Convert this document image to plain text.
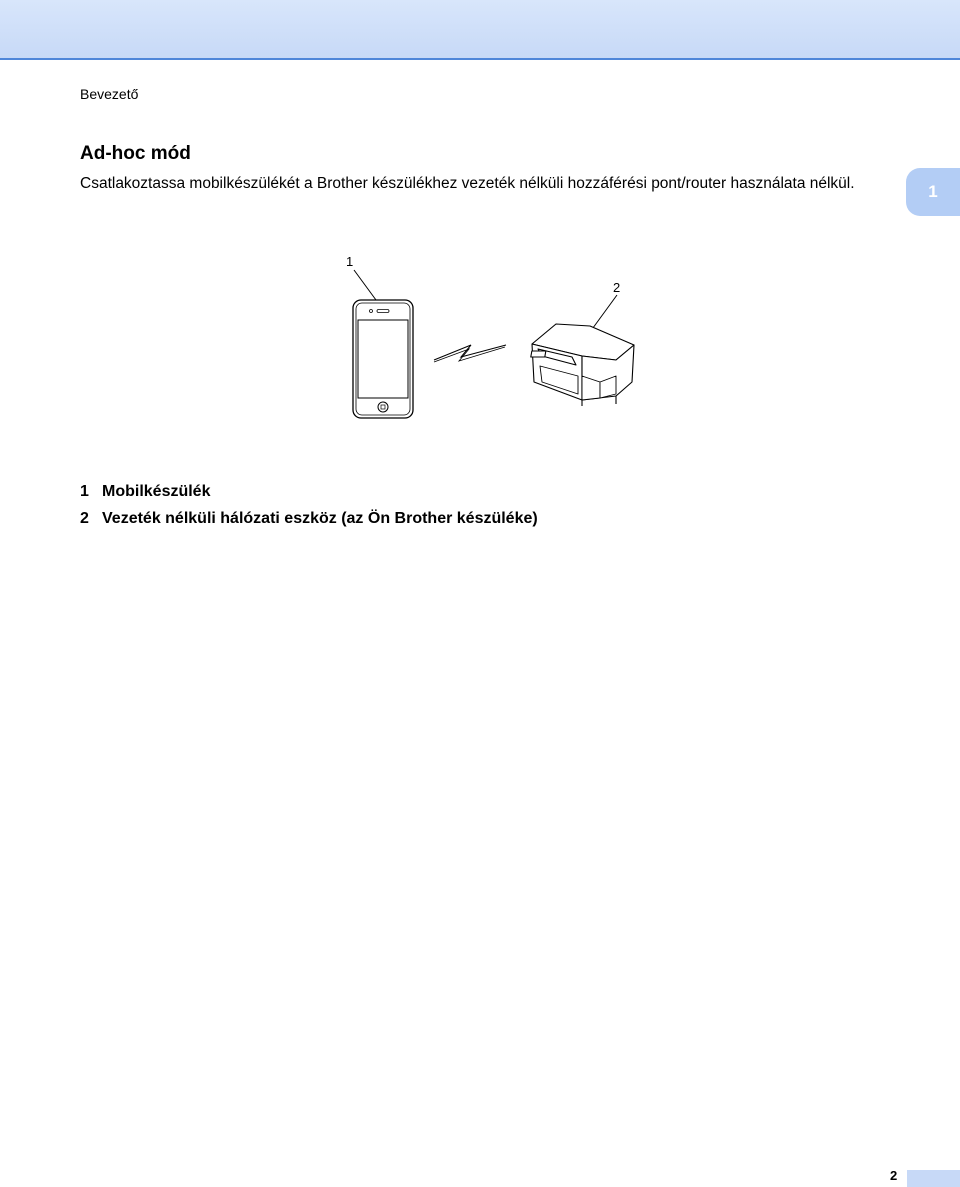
Bevezető
Ad-hoc mód
Csatlakoztassa mobilkészülékét a Brother készülékhez vezeték nélküli hozzáférési pont/router használata nélkül.	1
1
2
1 Mobilkészülék
2 Vezeték nélküli hálózati eszköz (az Ön Brother készüléke)
2
